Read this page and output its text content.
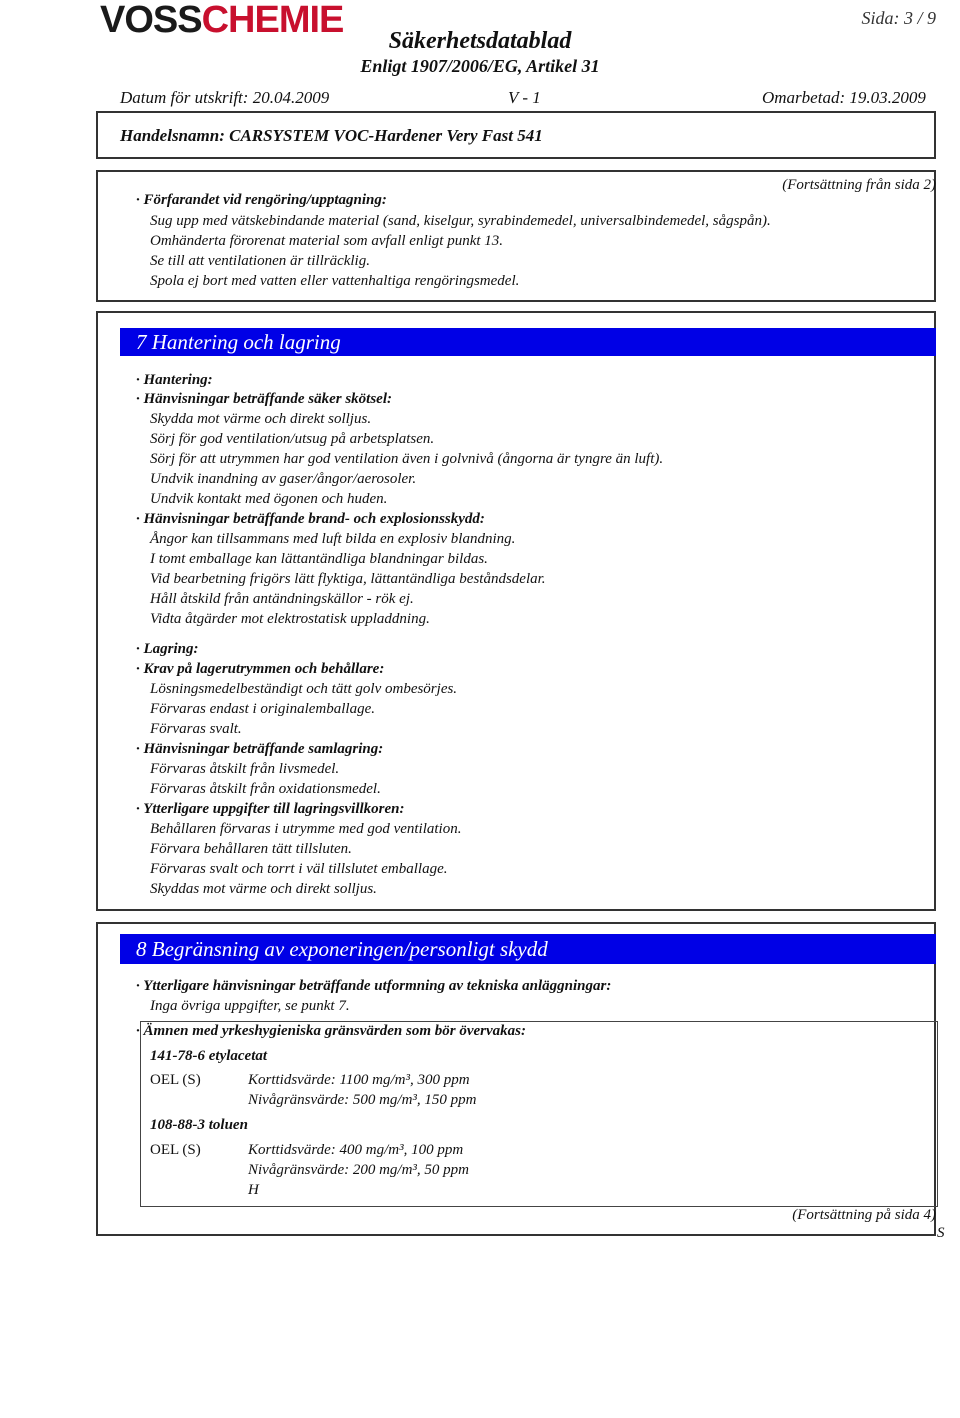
VOSSCHEMIE	Sida: 3 / 9
Säkerhetsdatablad
Enligt 1907/2006/EG, Artikel 31
Datum för utskrift: 20.04.2009	V - 1	Omarbetad: 19.03.2009
Handelsnamn: CARSYSTEM VOC-Hardener Very Fast 541
(Fortsättning från sida 2)
· Förfarandet vid rengöring/upptagning:
Sug upp med vätskebindande material (sand, kiselgur, syrabindemedel, universalbindemedel, sågspån).
Omhänderta förorenat material som avfall enligt punkt 13.
Se till att ventilationen är tillräcklig.
Spola ej bort med vatten eller vattenhaltiga rengöringsmedel.
7 Hantering och lagring
· Hantering:
· Hänvisningar beträffande säker skötsel:
Skydda mot värme och direkt solljus.
Sörj för god ventilation/utsug på arbetsplatsen.
Sörj för att utrymmen har god ventilation även i golvnivå (ångorna är tyngre än luft).
Undvik inandning av gaser/ångor/aerosoler.
Undvik kontakt med ögonen och huden.
· Hänvisningar beträffande brand- och explosionsskydd:
Ångor kan tillsammans med luft bilda en explosiv blandning.
I tomt emballage kan lättantändliga blandningar bildas.
Vid bearbetning frigörs lätt flyktiga, lättantändliga beståndsdelar.
Håll åtskild från antändningskällor - rök ej.
Vidta åtgärder mot elektrostatisk uppladdning.
· Lagring:
· Krav på lagerutrymmen och behållare:
Lösningsmedelbeständigt och tätt golv ombesörjes.
Förvaras endast i originalemballage.
Förvaras svalt.
· Hänvisningar beträffande samlagring:
Förvaras åtskilt från livsmedel.
Förvaras åtskilt från oxidationsmedel.
· Ytterligare uppgifter till lagringsvillkoren:
Behållaren förvaras i utrymme med god ventilation.
Förvara behållaren tätt tillsluten.
Förvaras svalt och torrt i väl tillslutet emballage.
Skyddas mot värme och direkt solljus.
8 Begränsning av exponeringen/personligt skydd
· Ytterligare hänvisningar beträffande utformning av tekniska anläggningar:
Inga övriga uppgifter, se punkt 7.
· Ämnen med yrkeshygieniska gränsvärden som bör övervakas:
141-78-6 etylacetat
OEL (S)	Korttidsvärde: 1100 mg/m³, 300 ppm
Nivågränsvärde: 500 mg/m³, 150 ppm
108-88-3 toluen
OEL (S)	Korttidsvärde: 400 mg/m³, 100 ppm
Nivågränsvärde: 200 mg/m³, 50 ppm
H
(Fortsättning på sida 4)
S
